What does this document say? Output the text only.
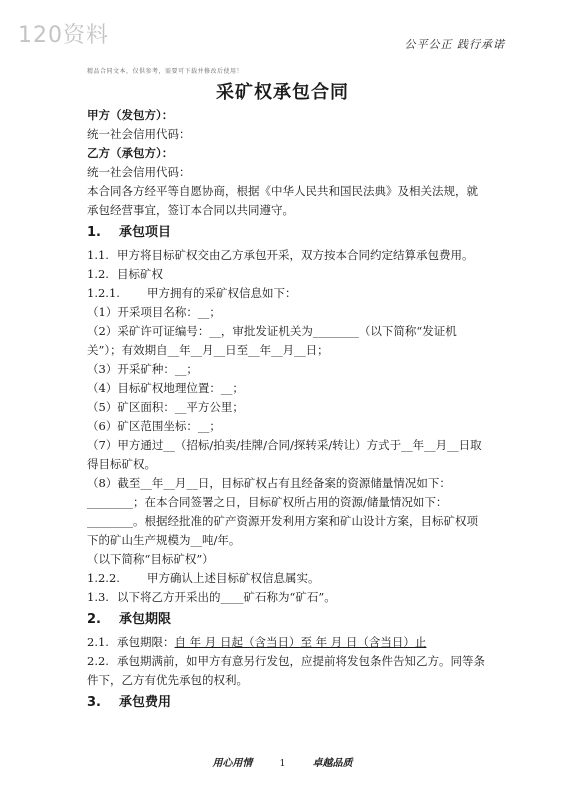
120资料	公平公正 践行承诺
精品合同文本，仅供参考，需要可下载并修改后使用！
采矿权承包合同
甲方（发包方）：
统一社会信用代码：
乙方（承包方）：
统一社会信用代码：
本合同各方经平等自愿协商，根据《中华人民共和国民法典》及相关法规，就承包经营事宜，签订本合同以共同遵守。
1. 承包项目
1.1. 甲方将目标矿权交由乙方承包开采，双方按本合同约定结算承包费用。
1.2. 目标矿权
1.2.1. 甲方拥有的采矿权信息如下：
（1）开采项目名称：__；
（2）采矿许可证编号：__，审批发证机关为________（以下简称“发证机关”）；有效期自__年__月__日至__年__月__日；
（3）开采矿种：__；
（4）目标矿权地理位置：__；
（5）矿区面积：__平方公里；
（6）矿区范围坐标：__；
（7）甲方通过__（招标/拍卖/挂牌/合同/探转采/转让）方式于__年__月__日取得目标矿权。
（8）截至__年__月__日，目标矿权占有且经备案的资源储量情况如下：________；在本合同签署之日，目标矿权所占用的资源/储量情况如下：________。根据经批准的矿产资源开发利用方案和矿山设计方案，目标矿权项下的矿山生产规模为__吨/年。
（以下简称“目标矿权”）
1.2.2. 甲方确认上述目标矿权信息属实。
1.3. 以下将乙方开采出的____矿石称为“矿石”。
2. 承包期限
2.1. 承包期限：自 年 月 日起（含当日）至 年 月 日（含当日）止
2.2. 承包期满前，如甲方有意另行发包，应提前将发包条件告知乙方。同等条件下，乙方有优先承包的权利。
3. 承包费用
用心用情	1	卓越品质
